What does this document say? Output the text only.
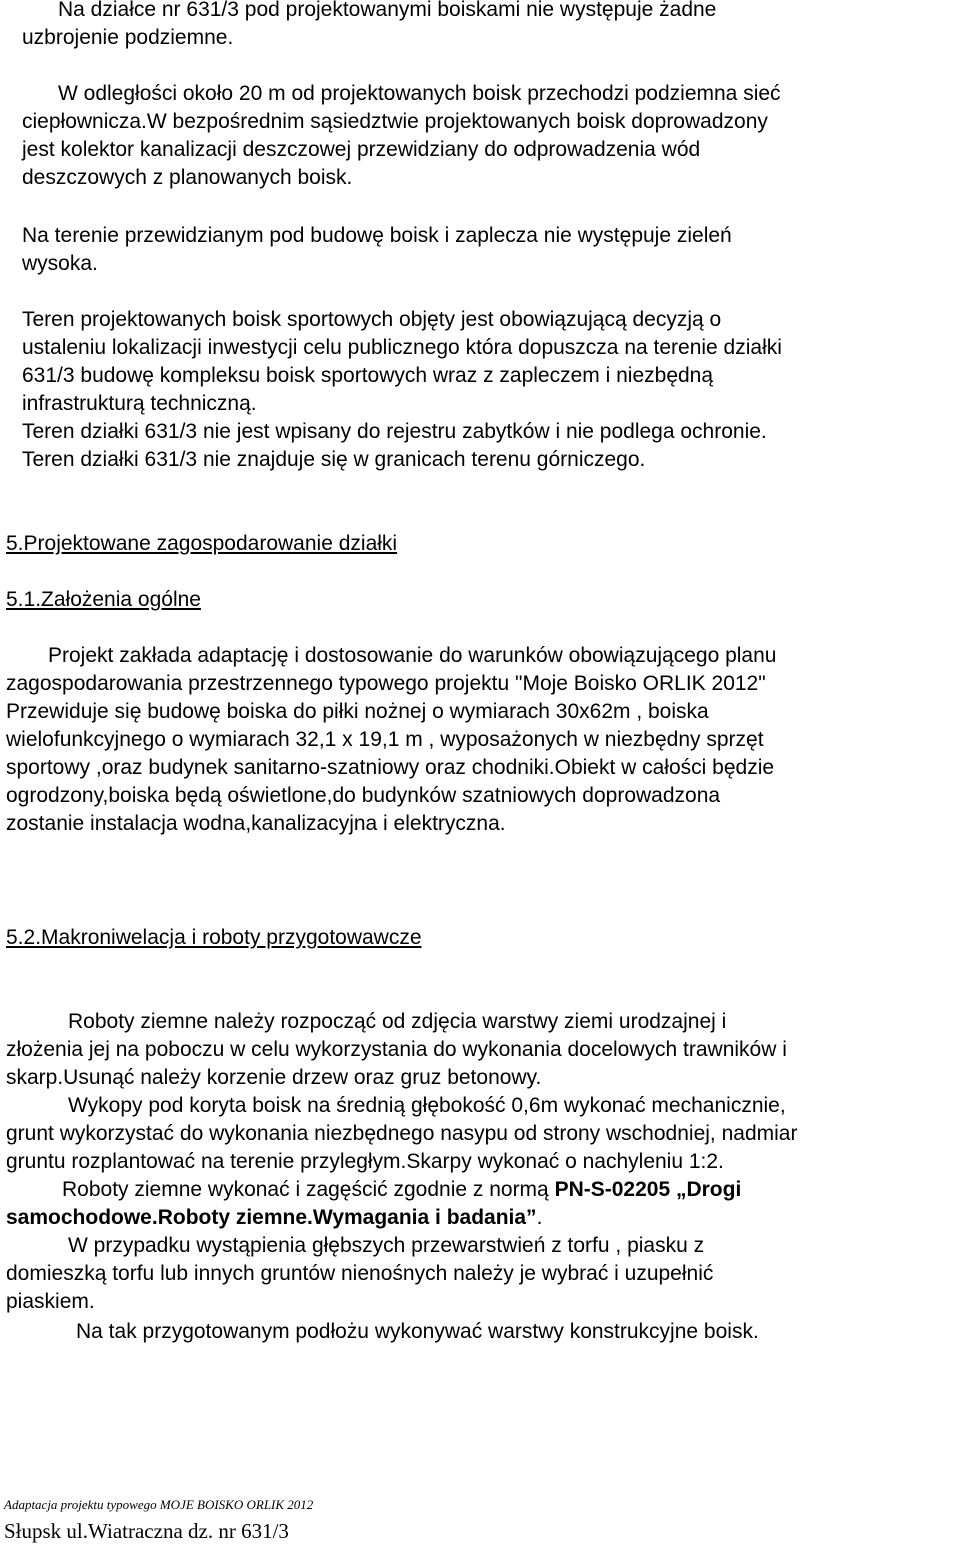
Na działce nr 631/3 pod projektowanymi boiskami nie występuje żadne

uzbrojenie podziemne.

W odległości około 20 m od projektowanych boisk przechodzi podziemna sieć

ciepłownicza.W bezpośrednim sąsiedztwie projektowanych boisk doprowadzony

jest kolektor kanalizacji deszczowej przewidziany do odprowadzenia wód

deszczowych z planowanych boisk.

Na terenie przewidzianym pod budowę boisk i zaplecza nie występuje zieleń

wysoka.

Teren projektowanych boisk sportowych objęty jest obowiązującą decyzją o

ustaleniu lokalizacji inwestycji celu publicznego która dopuszcza na terenie działki

631/3 budowę kompleksu boisk sportowych wraz z zapleczem i niezbędną

infrastrukturą techniczną.

Teren działki 631/3 nie jest wpisany do rejestru zabytków i nie podlega ochronie.

Teren działki 631/3 nie znajduje się w granicach terenu górniczego.

5.Projektowane zagospodarowanie działki

5.1.Założenia ogólne

Projekt zakłada adaptację i dostosowanie do warunków obowiązującego planu

zagospodarowania przestrzennego typowego projektu "Moje Boisko ORLIK 2012"

Przewiduje się budowę boiska do piłki nożnej o wymiarach 30x62m , boiska

wielofunkcyjnego o wymiarach 32,1 x 19,1 m , wyposażonych w niezbędny sprzęt

sportowy ,oraz budynek sanitarno-szatniowy oraz chodniki.Obiekt w całości będzie

ogrodzony,boiska będą oświetlone,do budynków szatniowych doprowadzona

zostanie instalacja wodna,kanalizacyjna i elektryczna.

5.2.Makroniwelacja i roboty przygotowawcze

Roboty ziemne należy rozpocząć od zdjęcia warstwy ziemi urodzajnej i

złożenia jej na poboczu w celu wykorzystania do wykonania docelowych trawników i

skarp.Usunąć należy korzenie drzew oraz gruz betonowy.

Wykopy pod koryta boisk na średnią głębokość 0,6m wykonać mechanicznie,

grunt wykorzystać do wykonania niezbędnego nasypu od strony wschodniej, nadmiar

gruntu rozplantować na terenie przyległym.Skarpy wykonać o nachyleniu 1:2.

Roboty ziemne wykonać i zagęścić zgodnie z normą PN-S-02205 „Drogi

samochodowe.Roboty ziemne.Wymagania i badania”.

W przypadku wystąpienia głębszych przewarstwień z torfu , piasku z

domieszką torfu lub innych gruntów nienośnych należy je wybrać i uzupełnić

piaskiem.

Na tak przygotowanym podłożu wykonywać warstwy konstrukcyjne boisk.

Adaptacja projektu typowego MOJE BOISKO ORLIK 2012
Słupsk ul.Wiatraczna dz. nr 631/3
